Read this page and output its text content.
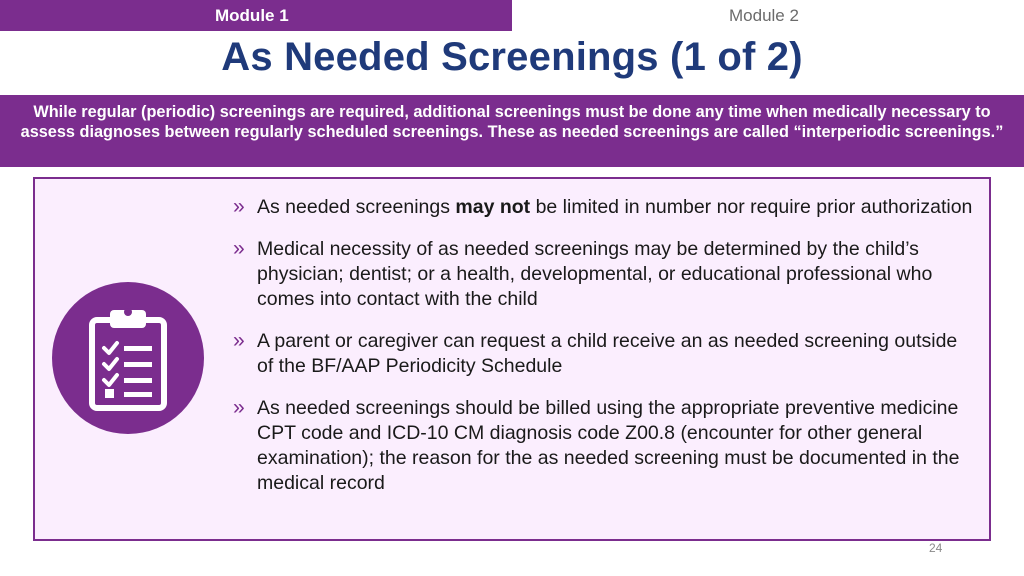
Module 1	Module 2
As Needed Screenings (1 of 2)
While regular (periodic) screenings are required, additional screenings must be done any time when medically necessary to assess diagnoses between regularly scheduled screenings. These as needed screenings are called “interperiodic screenings.”
» As needed screenings may not be limited in number nor require prior authorization
» Medical necessity of as needed screenings may be determined by the child’s physician; dentist; or a health, developmental, or educational professional who comes into contact with the child
» A parent or caregiver can request a child receive an as needed screening outside of the BF/AAP Periodicity Schedule
» As needed screenings should be billed using the appropriate preventive medicine CPT code and ICD-10 CM diagnosis code Z00.8 (encounter for other general examination); the reason for the as needed screening must be documented in the medical record
24
